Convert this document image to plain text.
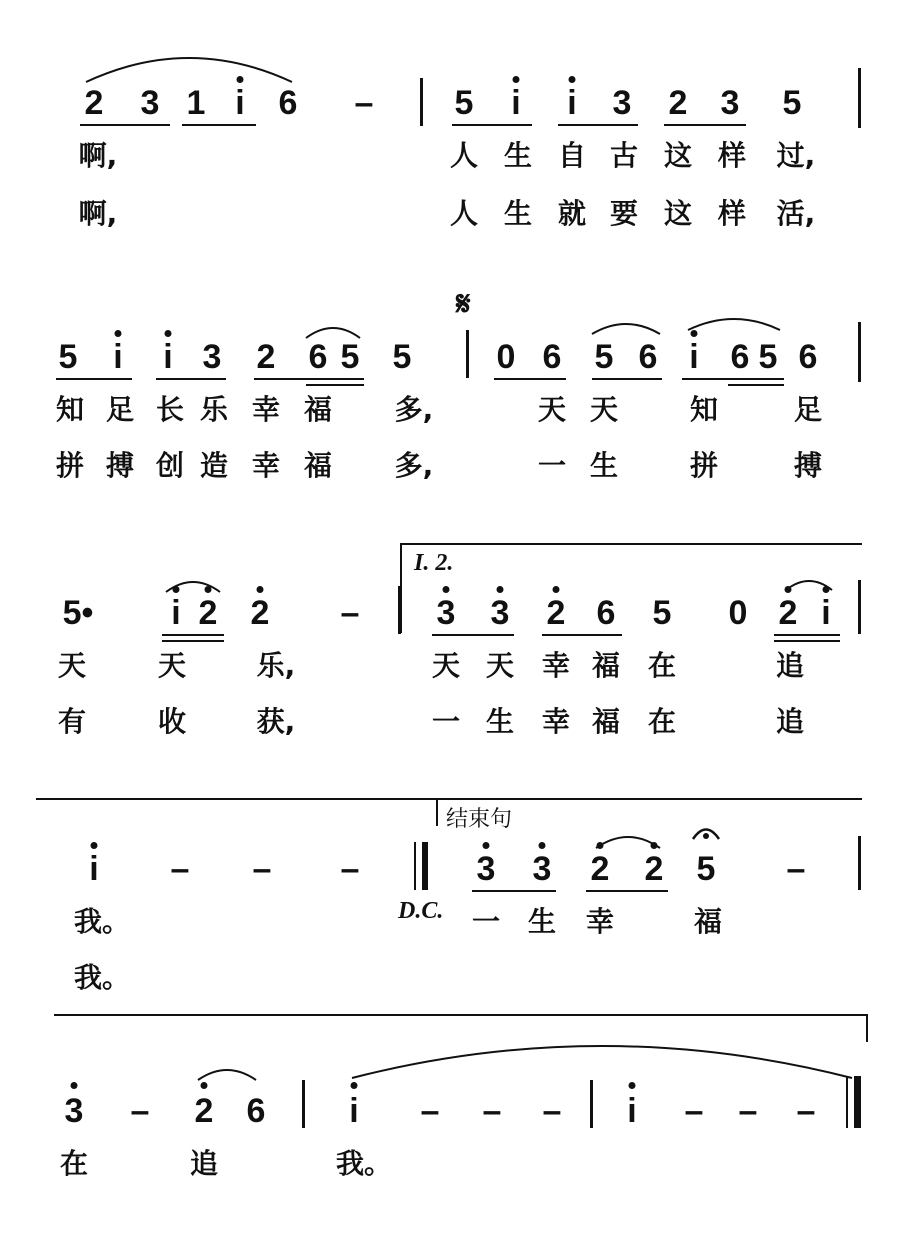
2 3 1 i 6 – 5 i i 3 2 3 5
啊,	人 生 自 古 这 样 过,
啊,	人 生 就 要 这 样 活,
𝄋
5 i i 3 2 6 5 5	0 6 5 6 i 6 5 6
知 足 长 乐 幸 福 多,	天 天	知	足
拼 搏 创 造 幸 福 多,	一 生	拼	搏
I. 2.
5• i 2 2 – 3 3 2 6 5 0 2 i
天	天	乐,	天 天 幸 福 在	追
有	收	获,	一 生 幸 福 在	追
结束句
i – – –	3 3 2 2 5 –
D.C.
我。	一 生 幸	福
我。
3 – 2 6 i – – – i – – –
在	追	我。
